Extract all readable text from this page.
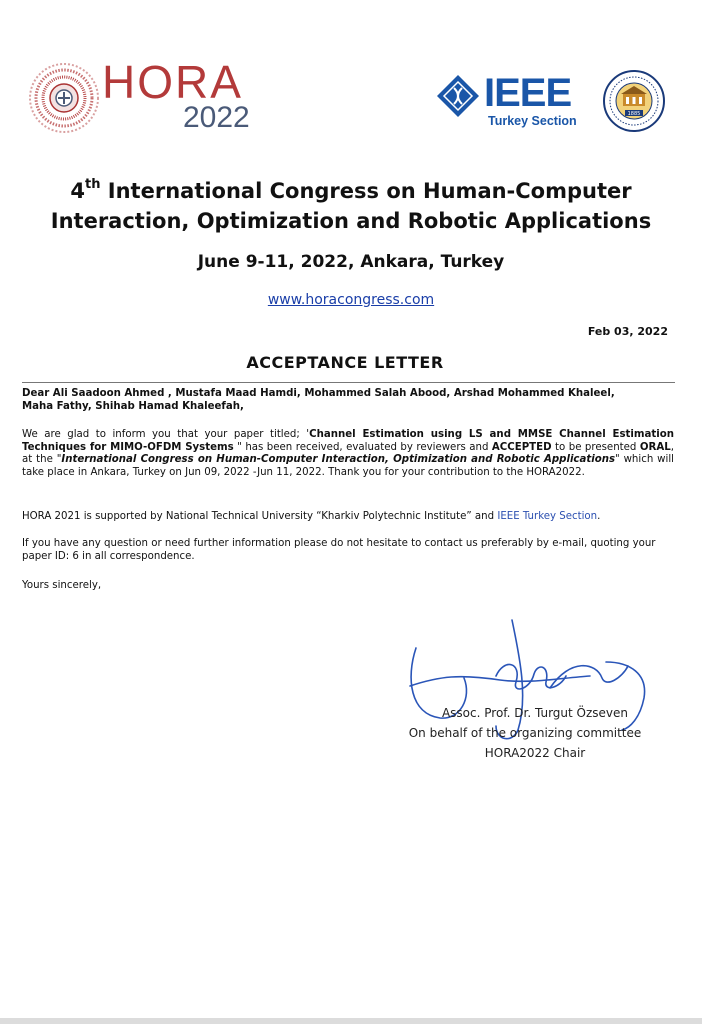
HORA
2022
IEEE
Turkey Section	1885
4th International Congress on Human-Computer
Interaction, Optimization and Robotic Applications
June 9-11, 2022, Ankara, Turkey
www.horacongress.com
Feb 03, 2022
ACCEPTANCE LETTER
Dear Ali Saadoon Ahmed , Mustafa Maad Hamdi, Mohammed Salah Abood, Arshad Mohammed Khaleel,
Maha Fathy, Shihab Hamad Khaleefah,
We are glad to inform you that your paper titled; 'Channel Estimation using LS and MMSE Channel Estimation Techniques for MIMO-OFDM Systems " has been received, evaluated by reviewers and ACCEPTED to be presented ORAL, at the "International Congress on Human-Computer Interaction, Optimization and Robotic Applications" which will take place in Ankara, Turkey on Jun 09, 2022 -Jun 11, 2022. Thank you for your contribution to the HORA2022.
HORA 2021 is supported by National Technical University “Kharkiv Polytechnic Institute” and IEEE Turkey Section.
If you have any question or need further information please do not hesitate to contact us preferably by e-mail, quoting your paper ID: 6 in all correspondence.
Yours sincerely,
Assoc. Prof. Dr. Turgut Özseven
On behalf of the organizing committee
HORA2022 Chair
